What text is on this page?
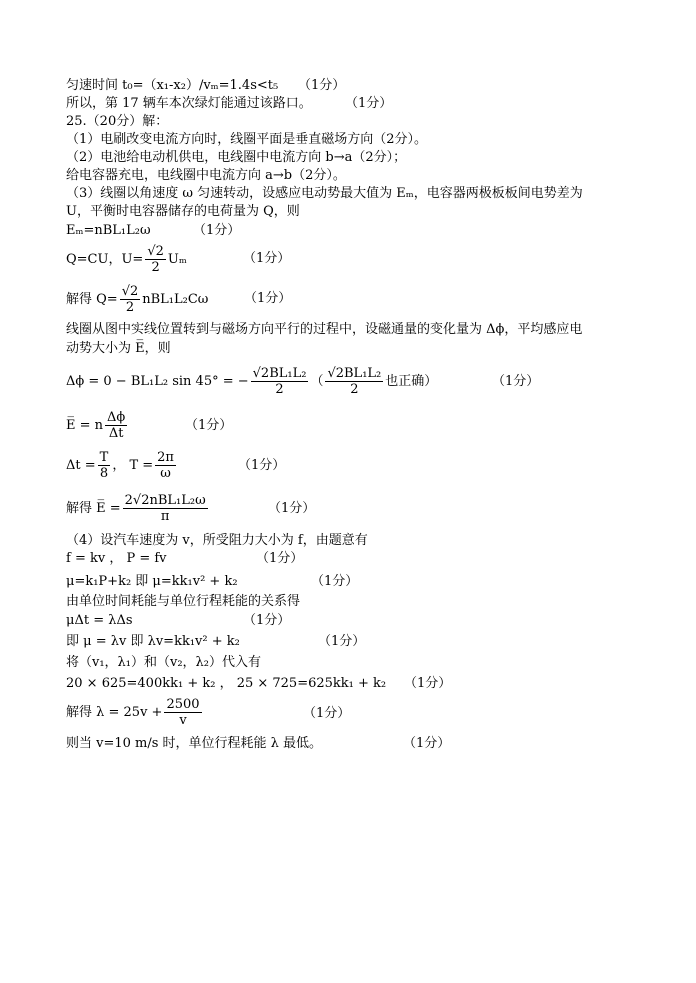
匀速时间 t₀=（x₁-x₂）/vₘ=1.4s<t₅ （1分）
所以，第 17 辆车本次绿灯能通过该路口。	（1分）
25.（20分）解：
（1）电刷改变电流方向时，线圈平面是垂直磁场方向（2分）。
（2）电池给电动机供电，电线圈中电流方向 b→a（2分）；
给电容器充电，电线圈中电流方向 a→b（2分）。
（3）线圈以角速度 ω 匀速转动，设感应电动势最大值为 Eₘ，电容器两极板板间电势差为
U，平衡时电容器储存的电荷量为 Q，则
Eₘ=nBL₁L₂ω	（1分）
Q=CU，$U= \frac{√2}{2}$ Uₘ	（1分）
解得 $Q= \frac{√2}{2} nBL_1L_2C\omega$	（1分）
线圈从图中实线位置转到与磁场方向平行的过程中，设磁通量的变化量为 Δϕ，平均感应电
动势大小为 E̅，则
Δϕ = 0 − BL₁L₂ sin 45° = − $\frac{\text{√2BL₁L₂}}{2}$ （ $\frac{\text{√2BL₁L₂}}{2}$ 也正确）	（1分）
E̅ = n $\frac{\Delta\phi}{\Delta t}$	（1分）
$\Delta t = \frac{T}{8}$ ， $T = \frac{2\pi}{\omega}$	（1分）
解得 E̅ = $\frac{\text{2√2nBL₁L₂ω}}{\pi}$	（1分）
（4）设汽车速度为 v，所受阻力大小为 f，由题意有
f = kv ， P = fv	（1分）
μ=k₁P+k₂ 即 μ=kk₁v² + k₂	（1分）
由单位时间耗能与单位行程耗能的关系得
μΔt = λΔs	（1分）
即 μ = λv 即 λv=kk₁v² + k₂	（1分）
将（v₁，λ₁）和（v₂，λ₂）代入有
20 × 625=400kk₁ + k₂ ， 25 × 725=625kk₁ + k₂ （1分）
解得 $\lambda = 25v + \frac{2500}{v}$	（1分）
则当 v=10 m/s 时，单位行程耗能 λ 最低。	（1分）
